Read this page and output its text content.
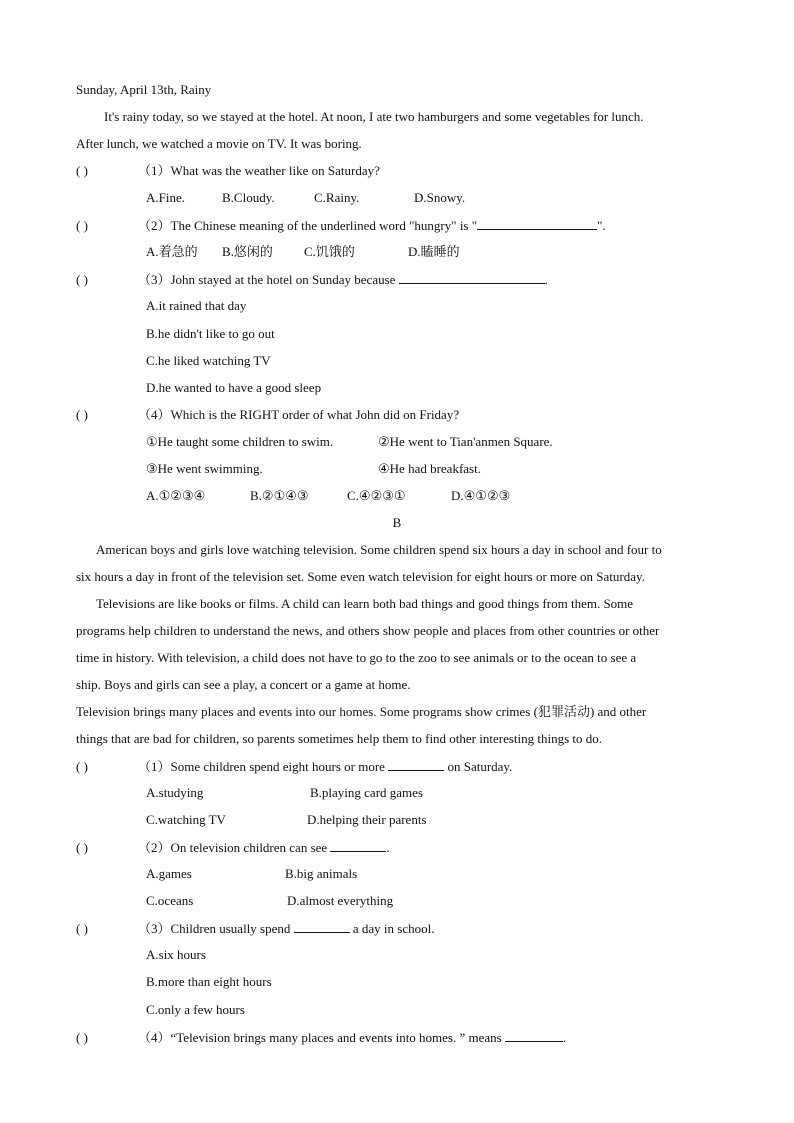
Sunday, April 13th, Rainy
It's rainy today, so we stayed at the hotel. At noon, I ate two hamburgers and some vegetables for lunch.
After lunch, we watched a movie on TV. It was boring.
( )	（1）What was the weather like on Saturday?
A.Fine.	B.Cloudy.	C.Rainy.	D.Snowy.
( )	（2）The Chinese meaning of the underlined word "hungry" is "	".
A.着急的 B.悠闲的 C.饥饿的	D.瞌睡的
( )	（3）John stayed at the hotel on Sunday because	.
A.it rained that day
B.he didn't like to go out
C.he liked watching TV
D.he wanted to have a good sleep
( )	（4）Which is the RIGHT order of what John did on Friday?
①He taught some children to swim.	②He went to Tian'anmen Square.
③He went swimming.	④He had breakfast.
A.①②③④	B.②①④③	C.④②③①	D.④①②③
B
American boys and girls love watching television. Some children spend six hours a day in school and four to
six hours a day in front of the television set. Some even watch television for eight hours or more on Saturday.
Televisions are like books or films. A child can learn both bad things and good things from them. Some
programs help children to understand the news, and others show people and places from other countries or other
time in history. With television, a child does not have to go to the zoo to see animals or to the ocean to see a
ship. Boys and girls can see a play, a concert or a game at home.
Television brings many places and events into our homes. Some programs show crimes (犯罪活动) and other
things that are bad for children, so parents sometimes help them to find other interesting things to do.
( )	（1）Some children spend eight hours or more	on Saturday.
A.studying	B.playing card games
C.watching TV	D.helping their parents
( )	（2）On television children can see	.
A.games	B.big animals
C.oceans	D.almost everything
( )	（3）Children usually spend	a day in school.
A.six hours
B.more than eight hours
C.only a few hours
( )	（4）“Television brings many places and events into homes. ” means	.
